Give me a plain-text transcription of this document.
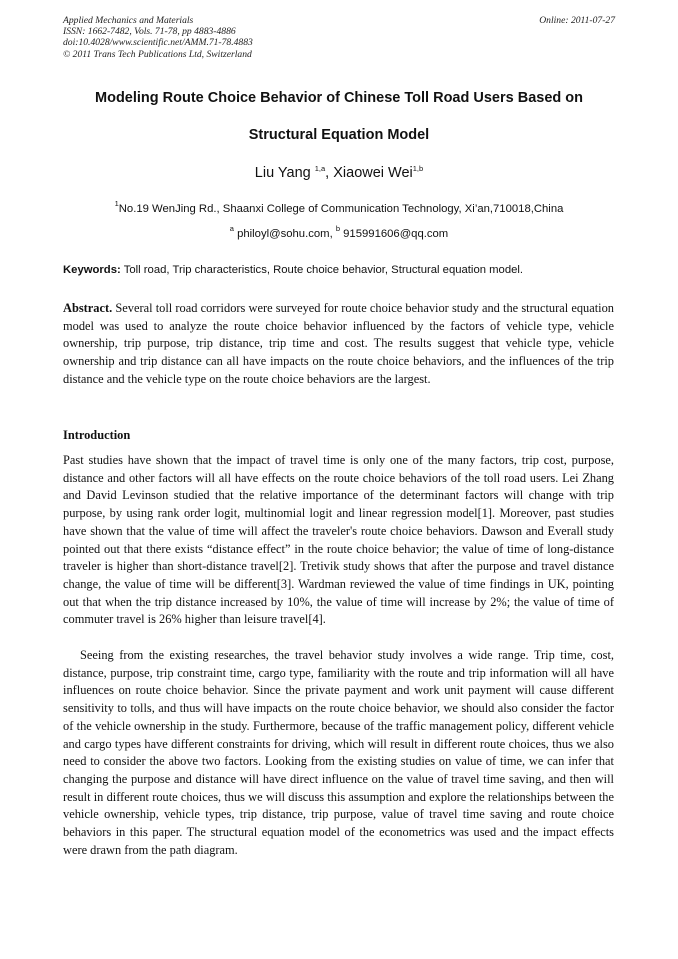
Applied Mechanics and Materials
ISSN: 1662-7482, Vols. 71-78, pp 4883-4886
doi:10.4028/www.scientific.net/AMM.71-78.4883
© 2011 Trans Tech Publications Ltd, Switzerland
Online: 2011-07-27
Modeling Route Choice Behavior of Chinese Toll Road Users Based on
Structural Equation Model
Liu Yang $^{1,a}$, Xiaowei Wei$^{1,b}$
$^1$No.19 WenJing Rd., Shaanxi College of Communication Technology, Xi’an,710018,China
$^a$ philoyl@sohu.com, $^b$ 915991606@qq.com
Keywords: Toll road, Trip characteristics, Route choice behavior, Structural equation model.
Abstract. Several toll road corridors were surveyed for route choice behavior study and the structural equation model was used to analyze the route choice behavior influenced by the factors of vehicle type, vehicle ownership, trip purpose, trip distance, trip time and cost. The results suggest that vehicle type, vehicle ownership and trip distance can all have impacts on the route choice behaviors, and the influences of the trip distance and the vehicle type on the route choice behaviors are the largest.
Introduction
Past studies have shown that the impact of travel time is only one of the many factors, trip cost, purpose, distance and other factors will all have effects on the route choice behaviors of the toll road users. Lei Zhang and David Levinson studied that the relative importance of the determinant factors will change with trip purpose, by using rank order logit, multinomial logit and linear regression model[1]. Moreover, past studies have shown that the value of time will affect the traveler's route choice behaviors. Dawson and Everall study pointed out that there exists “distance effect” in the route choice behavior; the value of time of long-distance traveler is higher than short-distance travel[2]. Tretivik study shows that after the purpose and travel distance change, the value of time will be different[3]. Wardman reviewed the value of time findings in UK, pointing out that when the trip distance increased by 10%, the value of time will increase by 2%; the value of time of commuter travel is 26% higher than leisure travel[4].
Seeing from the existing researches, the travel behavior study involves a wide range. Trip time, cost, distance, purpose, trip constraint time, cargo type, familiarity with the route and trip information will all have influences on route choice behavior. Since the private payment and work unit payment will cause different sensitivity to tolls, and thus will have impacts on the route choice behavior, we should also consider the factor of the vehicle ownership in the study. Furthermore, because of the traffic management policy, different vehicle and cargo types have different constraints for driving, which will result in different route choices, thus we also need to consider the above two factors. Looking from the existing studies on value of time, we can infer that changing the purpose and distance will have direct influence on the value of travel time saving, and then will result in different route choices, thus we will discuss this assumption and explore the relationships between the vehicle ownership, vehicle types, trip distance, trip purpose, value of travel time saving and route choice behaviors in this paper. The structural equation model of the econometrics was used and the impact effects were drawn from the path diagram.
